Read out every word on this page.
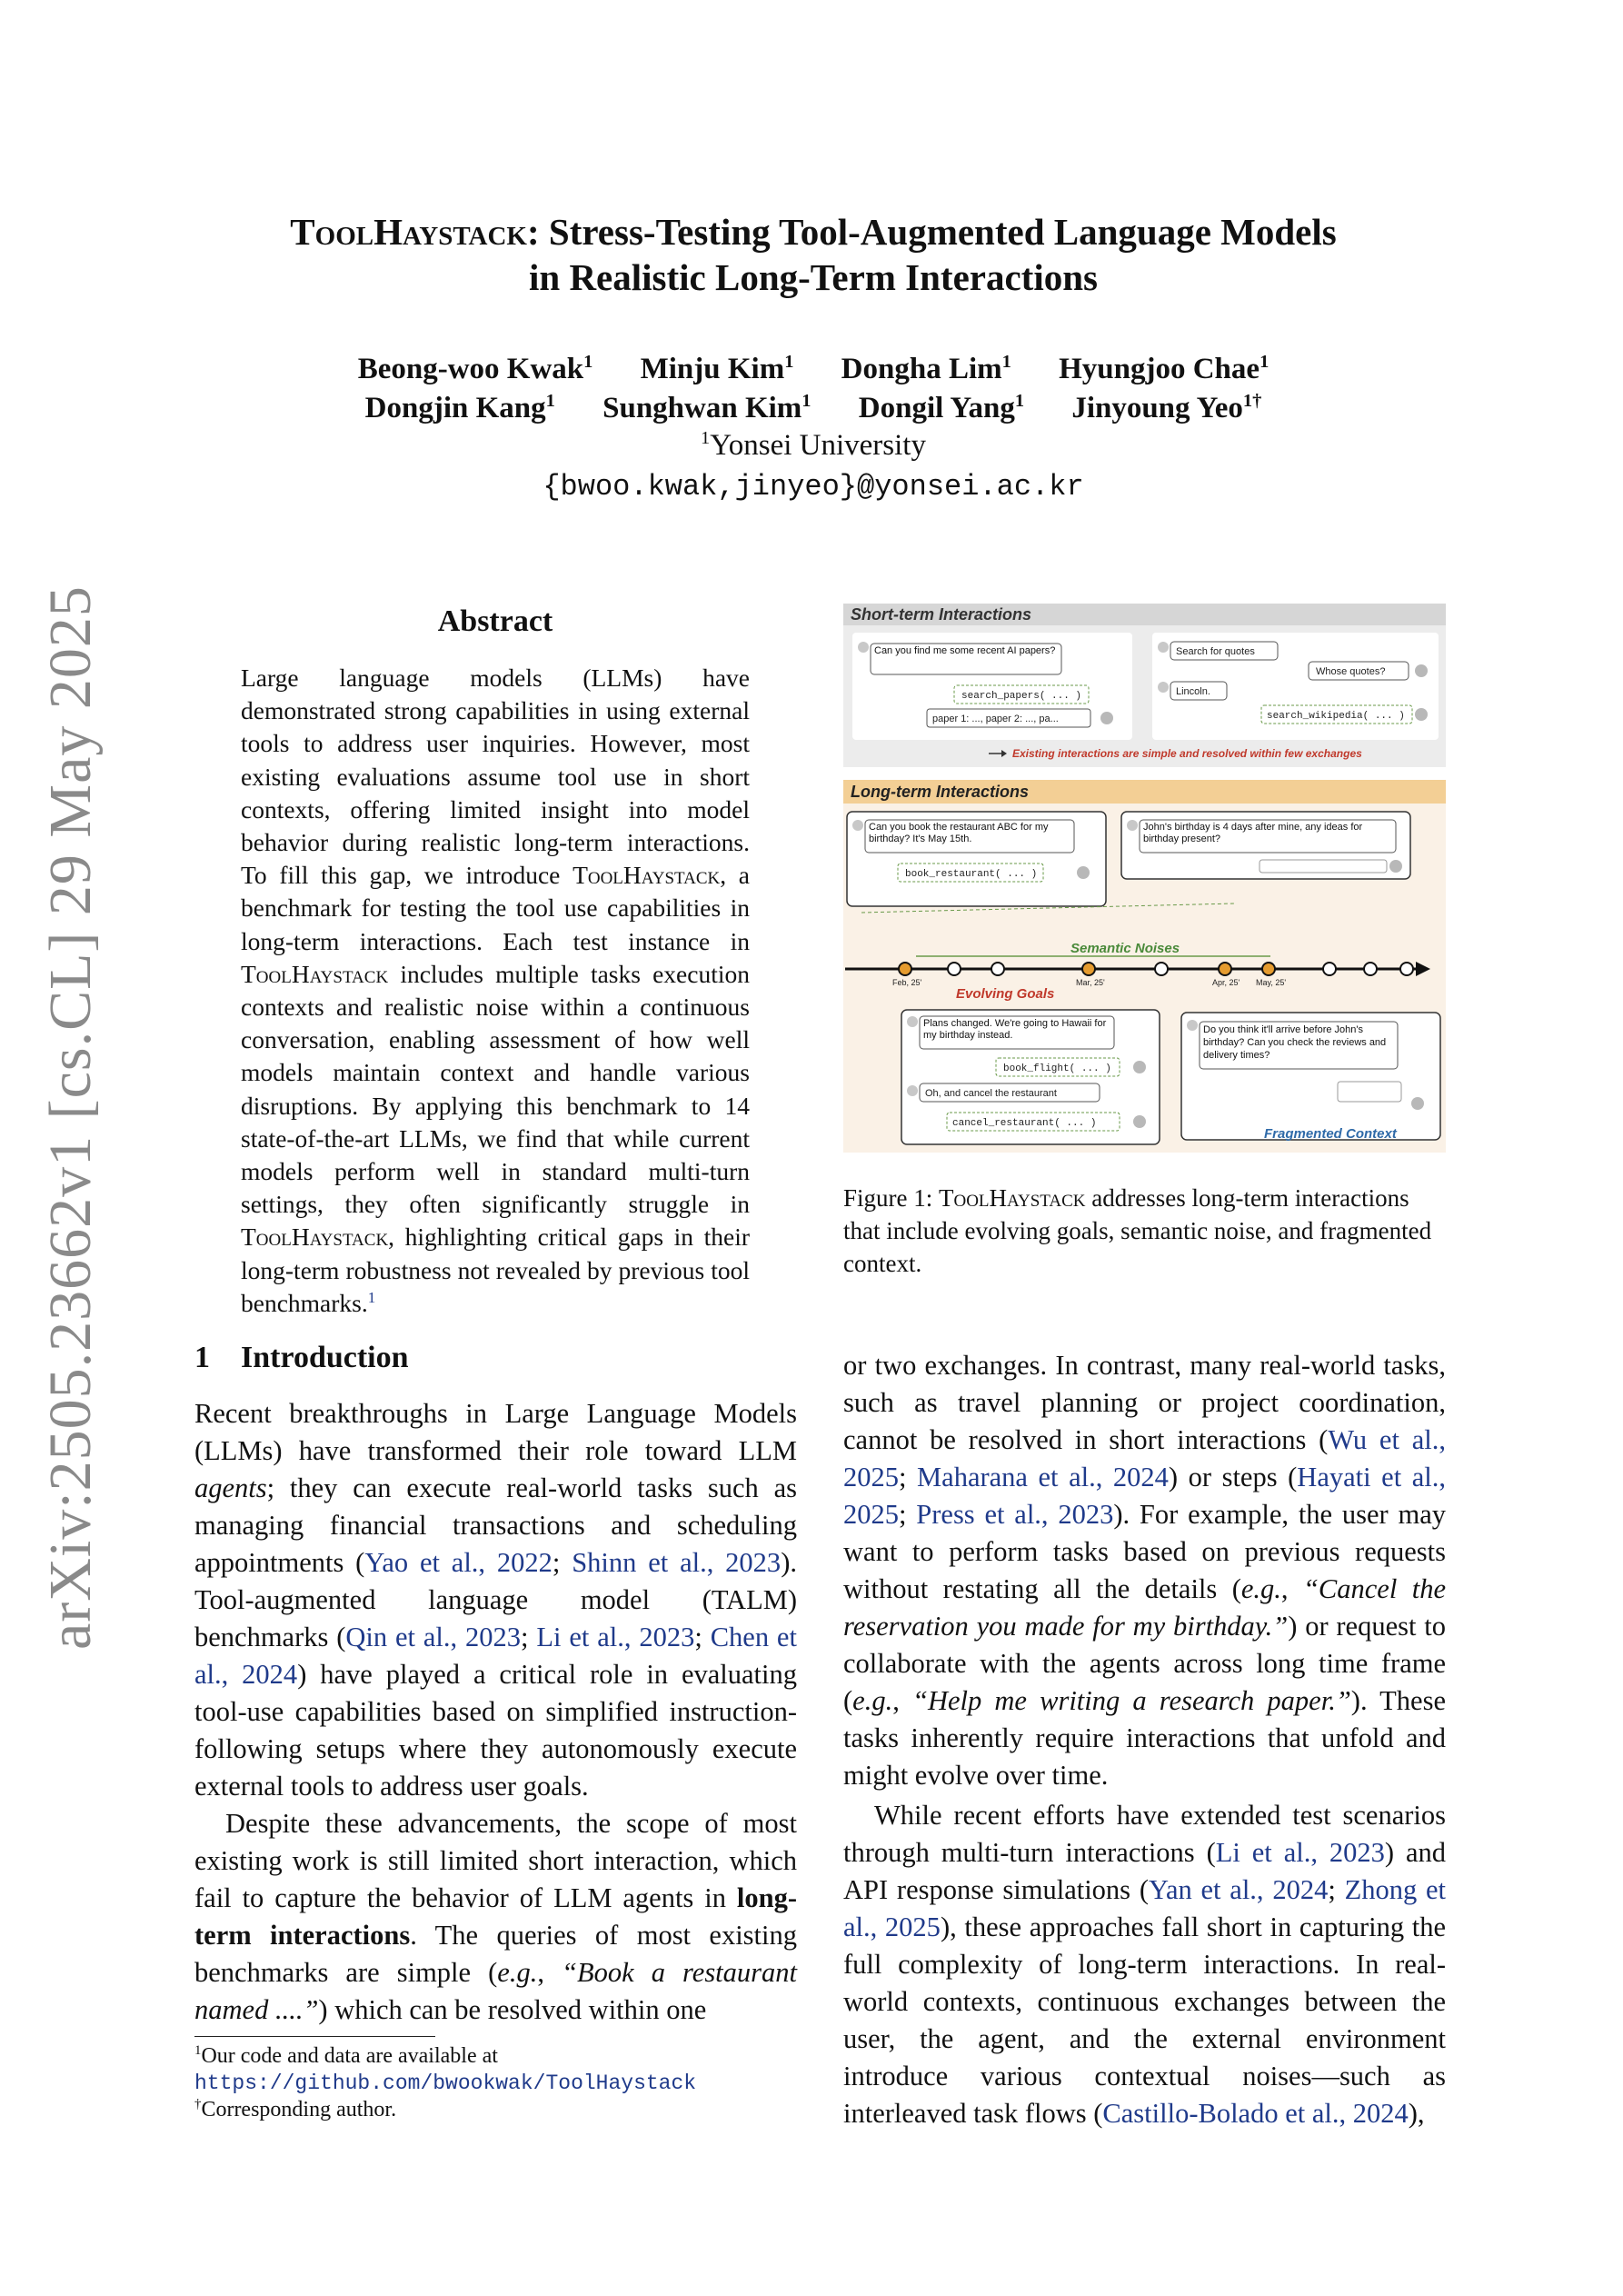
arXiv:2505.23662v1 [cs.CL] 29 May 2025
ToolHaystack: Stress-Testing Tool-Augmented Language Models
in Realistic Long-Term Interactions
Beong-woo Kwak$^1$ Minju Kim$^1$ Dongha Lim$^1$ Hyungjoo Chae$^1$
Dongjin Kang$^1$ Sunghwan Kim$^1$ Dongil Yang$^1$ Jinyoung Yeo$^{1\dagger}$
$^1$Yonsei University
{bwoo.kwak,jinyeo}@yonsei.ac.kr
Abstract
Large language models (LLMs) have demonstrated strong capabilities in using external tools to address user inquiries. However, most existing evaluations assume tool use in short contexts, offering limited insight into model behavior during realistic long-term interactions. To fill this gap, we introduce ToolHaystack, a benchmark for testing the tool use capabilities in long-term interactions. Each test instance in ToolHaystack includes multiple tasks execution contexts and realistic noise within a continuous conversation, enabling assessment of how well models maintain context and handle various disruptions. By applying this benchmark to 14 state-of-the-art LLMs, we find that while current models perform well in standard multi-turn settings, they often significantly struggle in ToolHaystack, highlighting critical gaps in their long-term robustness not revealed by previous tool benchmarks.$^1$
1 Introduction
Recent breakthroughs in Large Language Models (LLMs) have transformed their role toward LLM agents; they can execute real-world tasks such as managing financial transactions and scheduling appointments (Yao et al., 2022; Shinn et al., 2023). Tool-augmented language model (TALM) benchmarks (Qin et al., 2023; Li et al., 2023; Chen et al., 2024) have played a critical role in evaluating tool-use capabilities based on simplified instruction-following setups where they autonomously execute external tools to address user goals.
Despite these advancements, the scope of most existing work is still limited short interaction, which fail to capture the behavior of LLM agents in long-term interactions. The queries of most existing benchmarks are simple (e.g., “Book a restaurant named ....”) which can be resolved within one
$^1$Our code and data are available at https://github.com/bwookwak/ToolHaystack
†Corresponding author.
or two exchanges. In contrast, many real-world tasks, such as travel planning or project coordination, cannot be resolved in short interactions (Wu et al., 2025; Maharana et al., 2024) or steps (Hayati et al., 2025; Press et al., 2023). For example, the user may want to perform tasks based on previous requests without restating all the details (e.g., “Cancel the reservation you made for my birthday.”) or request to collaborate with the agents across long time frame (e.g., “Help me writing a research paper.”). These tasks inherently require interactions that unfold and might evolve over time.
While recent efforts have extended test scenarios through multi-turn interactions (Li et al., 2023) and API response simulations (Yan et al., 2024; Zhong et al., 2025), these approaches fall short in capturing the full complexity of long-term interactions. In real-world contexts, continuous exchanges between the user, the agent, and the external environment introduce various contextual noises—such as interleaved task flows (Castillo-Bolado et al., 2024),
Short-term Interactions
Can you find me some recent AI papers?
search_papers( ... )
paper 1: ..., paper 2: ..., pa...
Search for quotes
Whose quotes?
Lincoln.
search_wikipedia( ... )
Existing interactions are simple and resolved within few exchanges
Long-term Interactions
Can you book the restaurant ABC for my birthday? It's May 15th.
book_restaurant( ... )
John's birthday is 4 days after mine, any ideas for birthday present?
Semantic Noises
Feb, 25'	Mar, 25'	Apr, 25' May, 25'
Evolving Goals
Plans changed. We're going to Hawaii for my birthday instead.
book_flight( ... )
Oh, and cancel the restaurant
cancel_restaurant( ... )
Do you think it'll arrive before John's birthday? Can you check the reviews and delivery times?
Fragmented Context
Figure 1: ToolHaystack addresses long-term interactions that include evolving goals, semantic noise, and fragmented context.
